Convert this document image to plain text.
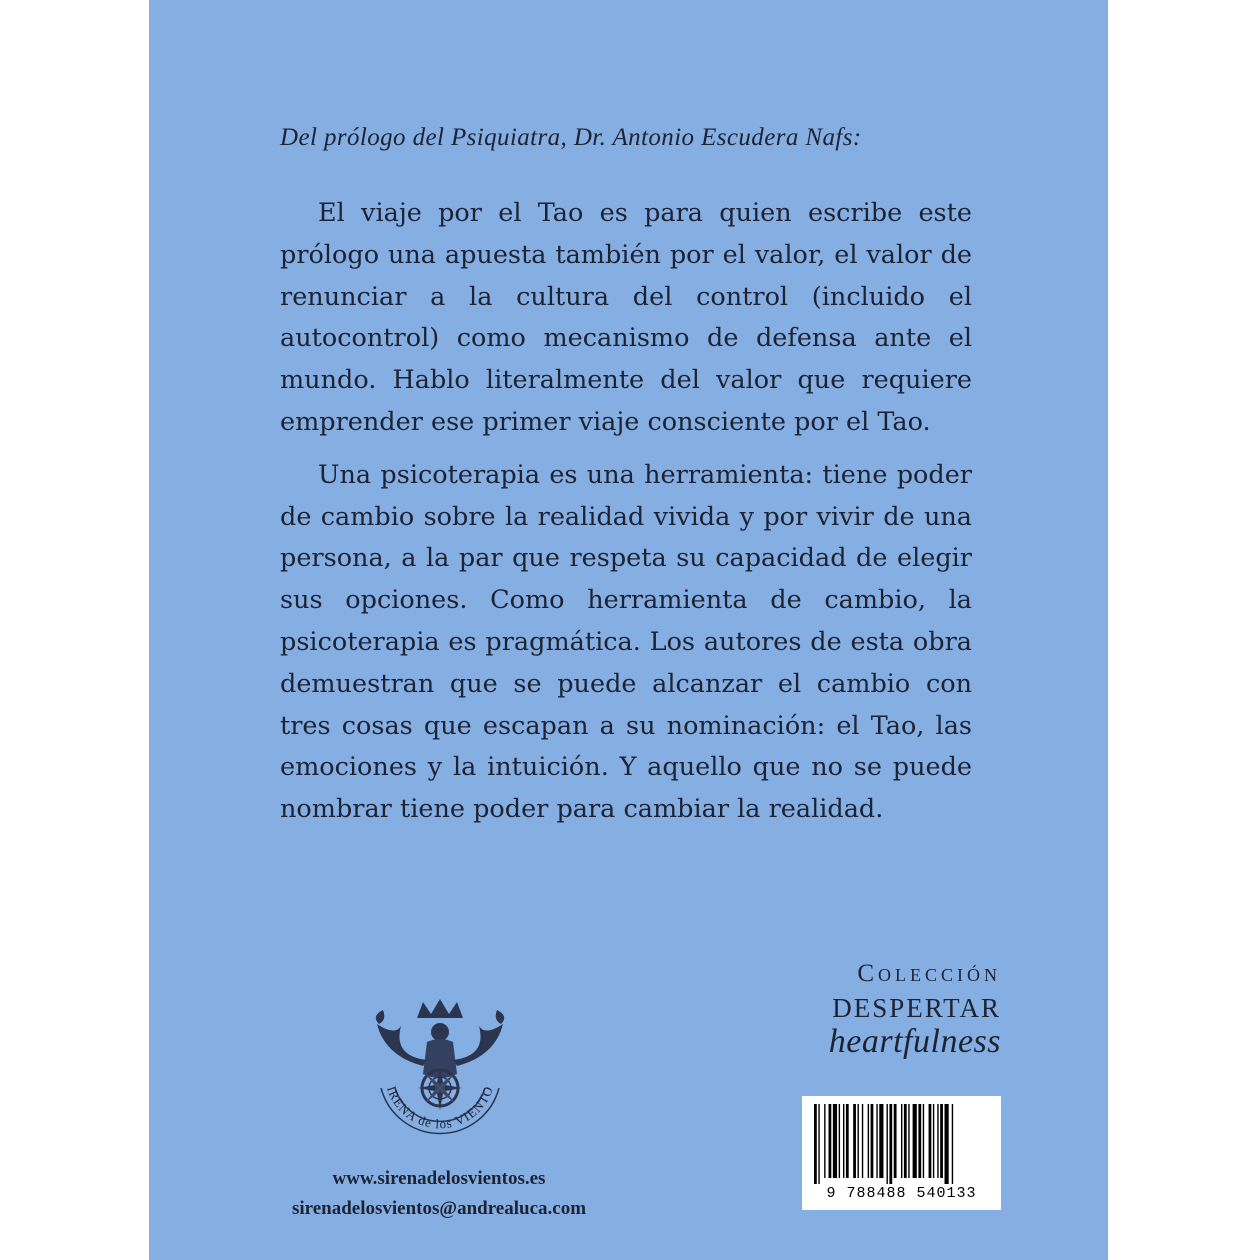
Del prólogo del Psiquiatra, Dr. Antonio Escudera Nafs:

El viaje por el Tao es para quien escribe este prólogo una apuesta también por el valor, el valor de renunciar a la cultura del control (incluido el autocontrol) como mecanismo de defensa ante el mundo. Hablo literalmente del valor que requiere emprender ese primer viaje consciente por el Tao.

Una psicoterapia es una herramienta: tiene poder de cambio sobre la realidad vivida y por vivir de una persona, a la par que respeta su capacidad de elegir sus opciones. Como herramienta de cambio, la psicoterapia es pragmática. Los autores de esta obra demuestran que se puede alcanzar el cambio con tres cosas que escapan a su nominación: el Tao, las emociones y la intuición. Y aquello que no se puede nombrar tiene poder para cambiar la realidad.

Colección
DESPERTAR
heartfulness
IRENA de los VIENTO
www.sirenadelosvientos.es
sirenadelosvientos@andrealuca.com

9 788488 540133
